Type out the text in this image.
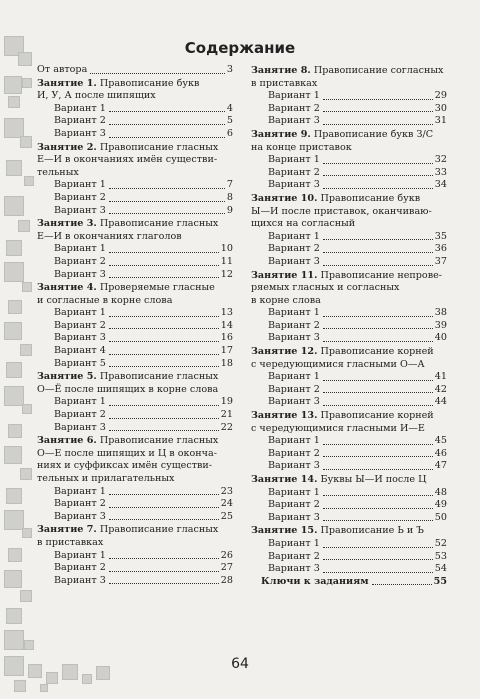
Содержание
От автора	3
Занятие 1. Правописание букв
И, У, А после шипящих
Вариант 1	4
Вариант 2	5
Вариант 3	6
Занятие 2. Правописание гласных
Е—И в окончаниях имён существи-
тельных
Вариант 1	7
Вариант 2	8
Вариант 3	9
Занятие 3. Правописание гласных
Е—И в окончаниях глаголов
Вариант 1	10
Вариант 2	11
Вариант 3	12
Занятие 4. Проверяемые гласные
и согласные в корне слова
Вариант 1	13
Вариант 2	14
Вариант 3	16
Вариант 4	17
Вариант 5	18
Занятие 5. Правописание гласных
О—Ё после шипящих в корне слова
Вариант 1	19
Вариант 2	21
Вариант 3	22
Занятие 6. Правописание гласных
О—Е после шипящих и Ц в оконча-
ниях и суффиксах имён существи-
тельных и прилагательных
Вариант 1	23
Вариант 2	24
Вариант 3	25
Занятие 7. Правописание гласных
в приставках
Вариант 1	26
Вариант 2	27
Вариант 3	28
Занятие 8. Правописание согласных
в приставках
Вариант 1	29
Вариант 2	30
Вариант 3	31
Занятие 9. Правописание букв З/С
на конце приставок
Вариант 1	32
Вариант 2	33
Вариант 3	34
Занятие 10. Правописание букв
Ы—И после приставок, оканчиваю-
щихся на согласный
Вариант 1	35
Вариант 2	36
Вариант 3	37
Занятие 11. Правописание непрове-
ряемых гласных и согласных
в корне слова
Вариант 1	38
Вариант 2	39
Вариант 3	40
Занятие 12. Правописание корней
с чередующимися гласными О—А
Вариант 1	41
Вариант 2	42
Вариант 3	44
Занятие 13. Правописание корней
с чередующимися гласными И—Е
Вариант 1	45
Вариант 2	46
Вариант 3	47
Занятие 14. Буквы Ы—И после Ц
Вариант 1	48
Вариант 2	49
Вариант 3	50
Занятие 15. Правописание Ь и Ъ
Вариант 1	52
Вариант 2	53
Вариант 3	54
Ключи к заданиям	55
64
